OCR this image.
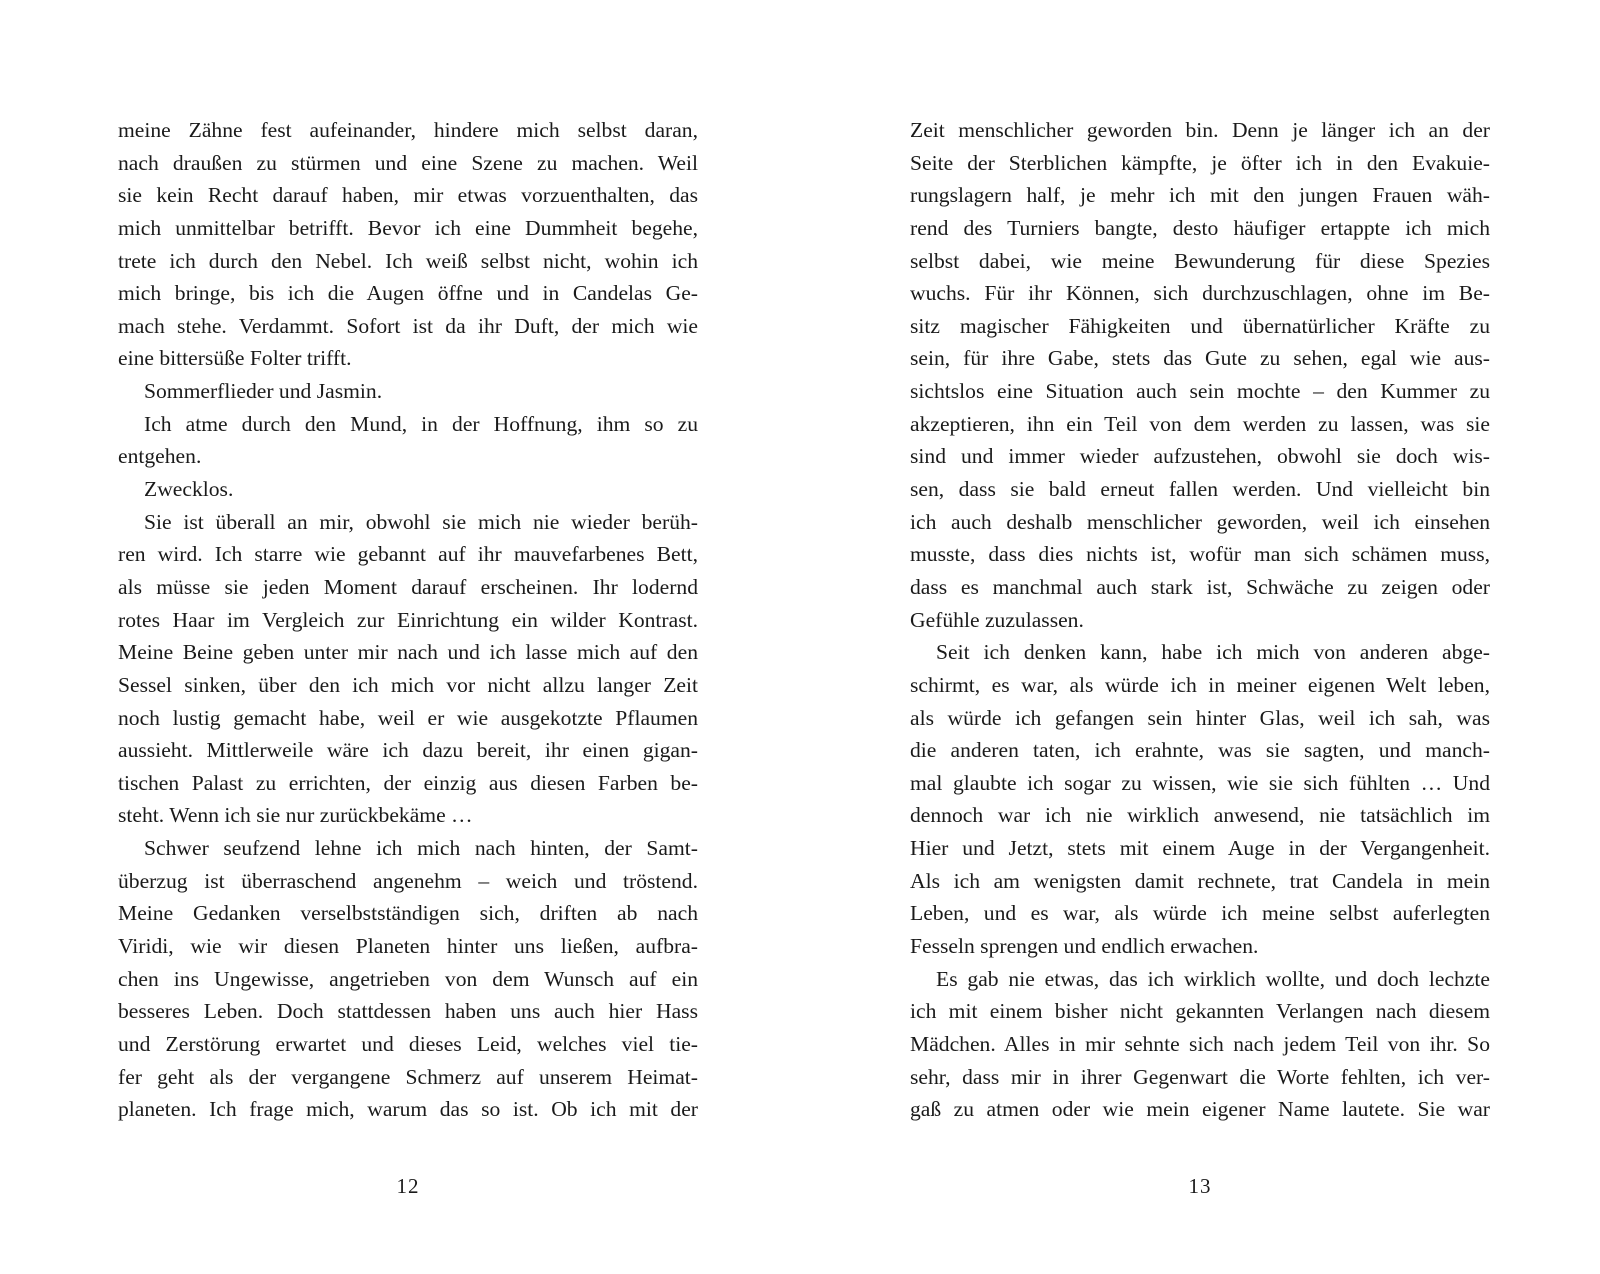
meine Zähne fest aufeinander, hindere mich selbst daran,
nach draußen zu stürmen und eine Szene zu machen. Weil
sie kein Recht darauf haben, mir etwas vorzuenthalten, das
mich unmittelbar betrifft. Bevor ich eine Dummheit begehe,
trete ich durch den Nebel. Ich weiß selbst nicht, wohin ich
mich bringe, bis ich die Augen öffne und in Candelas Ge-
mach stehe. Verdammt. Sofort ist da ihr Duft, der mich wie
eine bittersüße Folter trifft.
Sommerflieder und Jasmin.
Ich atme durch den Mund, in der Hoffnung, ihm so zu
entgehen.
Zwecklos.
Sie ist überall an mir, obwohl sie mich nie wieder berüh-
ren wird. Ich starre wie gebannt auf ihr mauvefarbenes Bett,
als müsse sie jeden Moment darauf erscheinen. Ihr lodernd
rotes Haar im Vergleich zur Einrichtung ein wilder Kontrast.
Meine Beine geben unter mir nach und ich lasse mich auf den
Sessel sinken, über den ich mich vor nicht allzu langer Zeit
noch lustig gemacht habe, weil er wie ausgekotzte Pflaumen
aussieht. Mittlerweile wäre ich dazu bereit, ihr einen gigan-
tischen Palast zu errichten, der einzig aus diesen Farben be-
steht. Wenn ich sie nur zurückbekäme …
Schwer seufzend lehne ich mich nach hinten, der Samt-
überzug ist überraschend angenehm – weich und tröstend.
Meine Gedanken verselbstständigen sich, driften ab nach
Viridi, wie wir diesen Planeten hinter uns ließen, aufbra-
chen ins Ungewisse, angetrieben von dem Wunsch auf ein
besseres Leben. Doch stattdessen haben uns auch hier Hass
und Zerstörung erwartet und dieses Leid, welches viel tie-
fer geht als der vergangene Schmerz auf unserem Heimat-
planeten. Ich frage mich, warum das so ist. Ob ich mit der
Zeit menschlicher geworden bin. Denn je länger ich an der
Seite der Sterblichen kämpfte, je öfter ich in den Evakuie-
rungslagern half, je mehr ich mit den jungen Frauen wäh-
rend des Turniers bangte, desto häufiger ertappte ich mich
selbst dabei, wie meine Bewunderung für diese Spezies
wuchs. Für ihr Können, sich durchzuschlagen, ohne im Be-
sitz magischer Fähigkeiten und übernatürlicher Kräfte zu
sein, für ihre Gabe, stets das Gute zu sehen, egal wie aus-
sichtslos eine Situation auch sein mochte – den Kummer zu
akzeptieren, ihn ein Teil von dem werden zu lassen, was sie
sind und immer wieder aufzustehen, obwohl sie doch wis-
sen, dass sie bald erneut fallen werden. Und vielleicht bin
ich auch deshalb menschlicher geworden, weil ich einsehen
musste, dass dies nichts ist, wofür man sich schämen muss,
dass es manchmal auch stark ist, Schwäche zu zeigen oder
Gefühle zuzulassen.
Seit ich denken kann, habe ich mich von anderen abge-
schirmt, es war, als würde ich in meiner eigenen Welt leben,
als würde ich gefangen sein hinter Glas, weil ich sah, was
die anderen taten, ich erahnte, was sie sagten, und manch-
mal glaubte ich sogar zu wissen, wie sie sich fühlten … Und
dennoch war ich nie wirklich anwesend, nie tatsächlich im
Hier und Jetzt, stets mit einem Auge in der Vergangenheit.
Als ich am wenigsten damit rechnete, trat Candela in mein
Leben, und es war, als würde ich meine selbst auferlegten
Fesseln sprengen und endlich erwachen.
Es gab nie etwas, das ich wirklich wollte, und doch lechzte
ich mit einem bisher nicht gekannten Verlangen nach diesem
Mädchen. Alles in mir sehnte sich nach jedem Teil von ihr. So
sehr, dass mir in ihrer Gegenwart die Worte fehlten, ich ver-
gaß zu atmen oder wie mein eigener Name lautete. Sie war
12	13
